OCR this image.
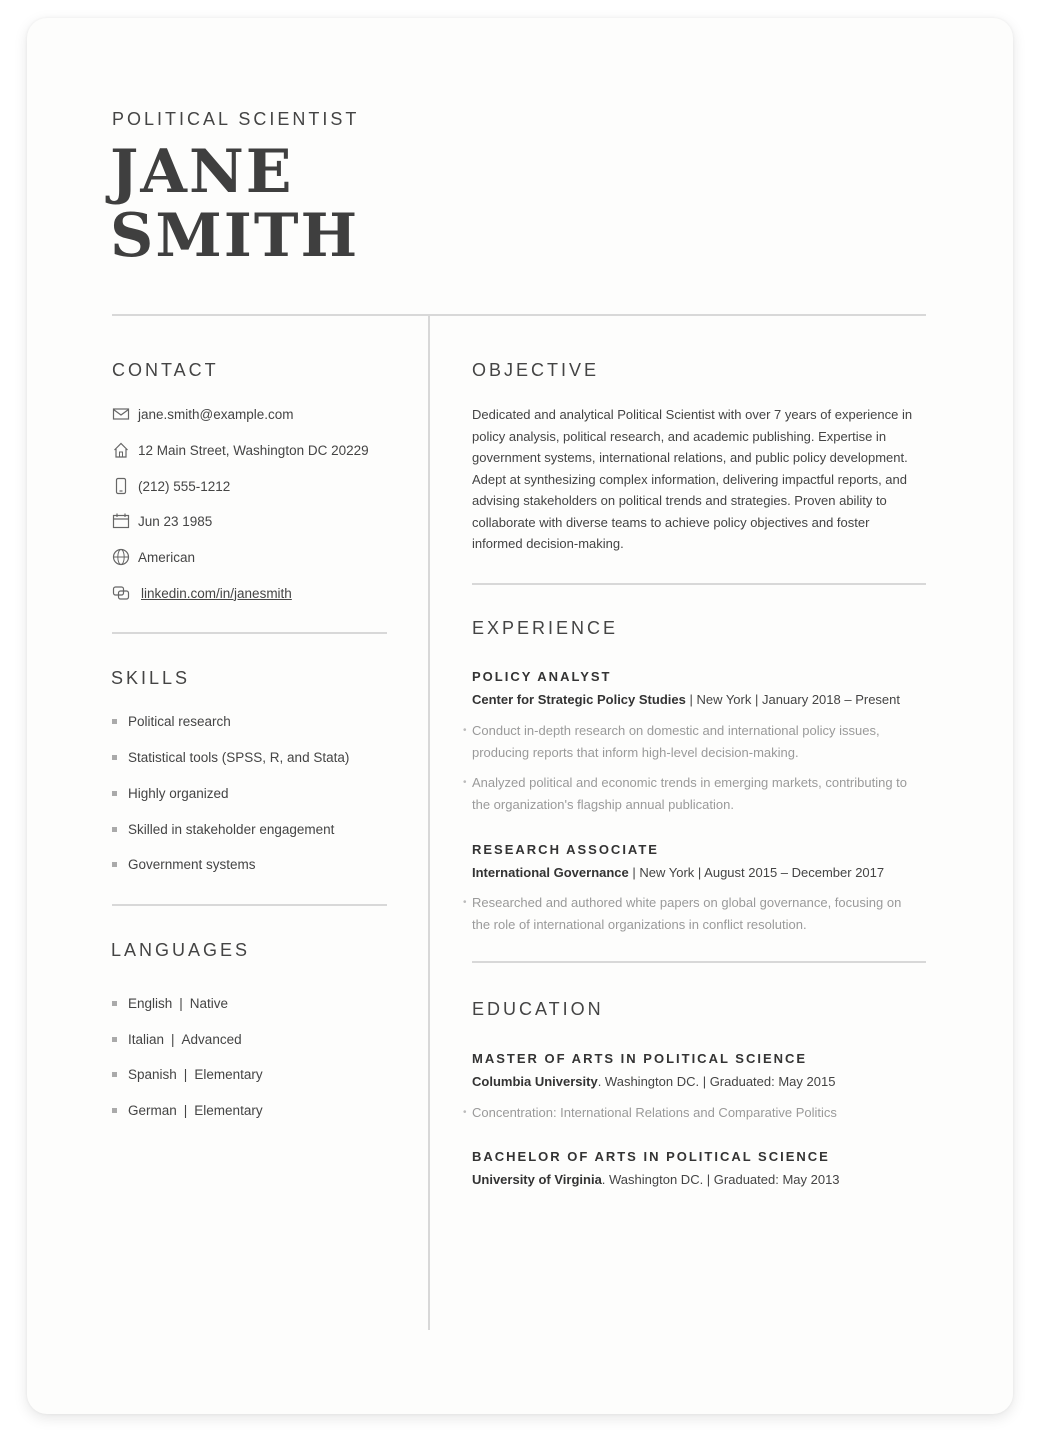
POLITICAL SCIENTIST
JANE
SMITH
CONTACT
jane.smith@example.com
12 Main Street, Washington DC 20229
(212) 555-1212
Jun 23 1985
American
linkedin.com/in/janesmith
SKILLS
Political research
Statistical tools (SPSS, R, and Stata)
Highly organized
Skilled in stakeholder engagement
Government systems
LANGUAGES
English | Native
Italian | Advanced
Spanish | Elementary
German | Elementary
OBJECTIVE
Dedicated and analytical Political Scientist with over 7 years of experience in policy analysis, political research, and academic publishing. Expertise in government systems, international relations, and public policy development. Adept at synthesizing complex information, delivering impactful reports, and advising stakeholders on political trends and strategies. Proven ability to collaborate with diverse teams to achieve policy objectives and foster informed decision-making.
EXPERIENCE
POLICY ANALYST
Center for Strategic Policy Studies | New York | January 2018 – Present
• Conduct in-depth research on domestic and international policy issues, producing reports that inform high-level decision-making.
• Analyzed political and economic trends in emerging markets, contributing to the organization's flagship annual publication.
RESEARCH ASSOCIATE
International Governance | New York | August 2015 – December 2017
• Researched and authored white papers on global governance, focusing on the role of international organizations in conflict resolution.
EDUCATION
MASTER OF ARTS IN POLITICAL SCIENCE
Columbia University. Washington DC. | Graduated: May 2015
• Concentration: International Relations and Comparative Politics
BACHELOR OF ARTS IN POLITICAL SCIENCE
University of Virginia. Washington DC. | Graduated: May 2013
